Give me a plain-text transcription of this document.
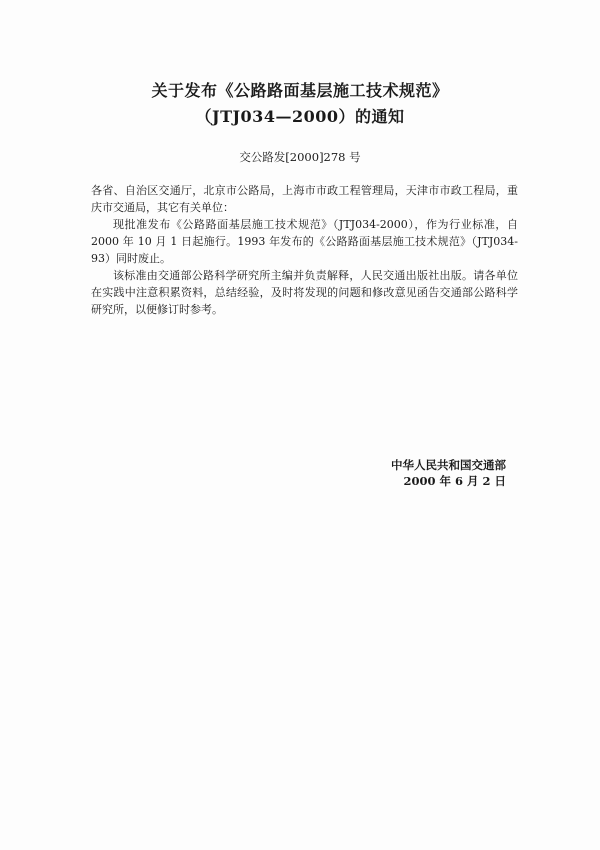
关于发布《公路路面基层施工技术规范》
（JTJ034—2000）的通知
交公路发[2000]278 号

各省、自治区交通厅，北京市公路局，上海市市政工程管理局，天津市市政工程局，重庆市交通局，其它有关单位：

现批准发布《公路路面基层施工技术规范》（JTJ034-2000），作为行业标准，自 2000 年 10 月 1 日起施行。1993 年发布的《公路路面基层施工技术规范》（JTJ034-93）同时废止。

该标准由交通部公路科学研究所主编并负责解释，人民交通出版社出版。请各单位在实践中注意积累资料，总结经验，及时将发现的问题和修改意见函告交通部公路科学研究所，以便修订时参考。

中华人民共和国交通部
2000 年 6 月 2 日
